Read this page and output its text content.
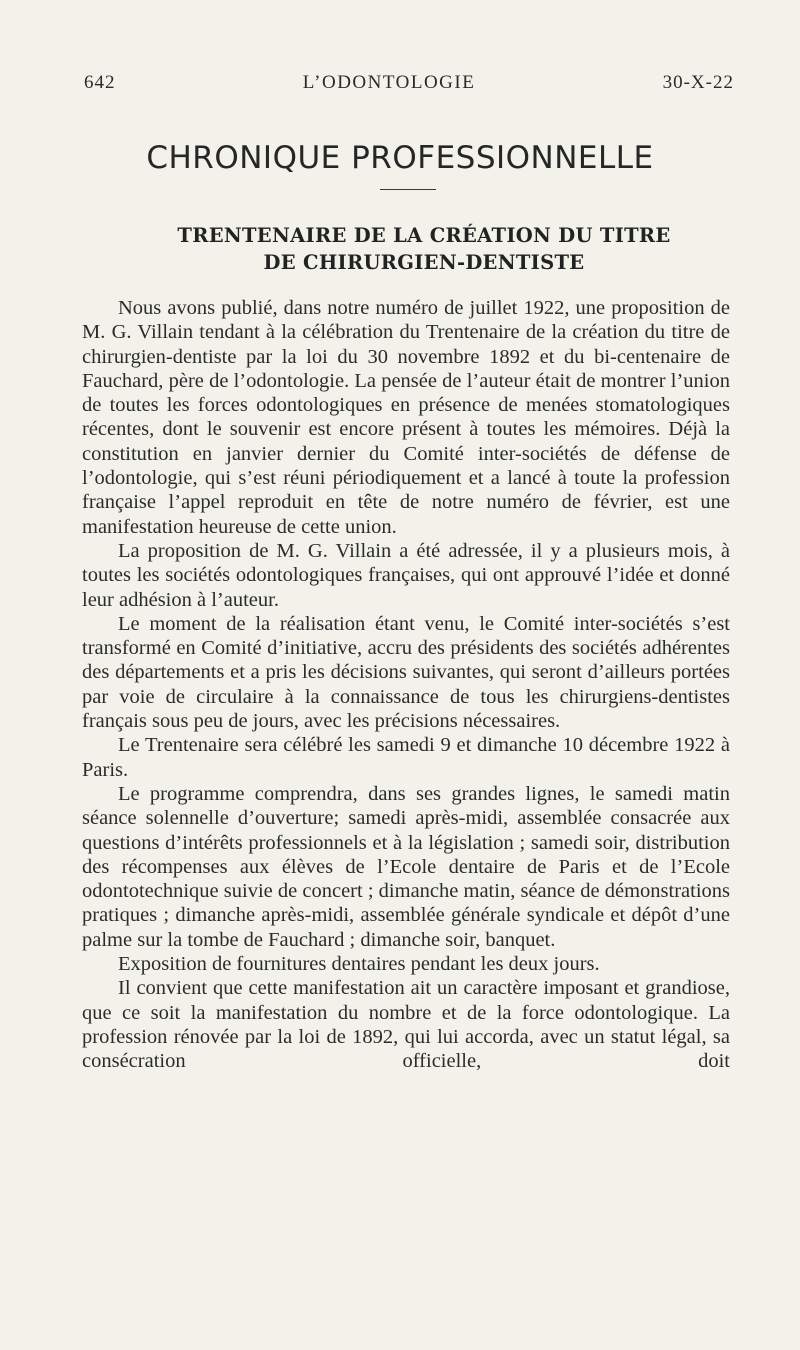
642	L’ODONTOLOGIE	30-X-22
CHRONIQUE PROFESSIONNELLE
TRENTENAIRE DE LA CRÉATION DU TITRE
DE CHIRURGIEN-DENTISTE

Nous avons publié, dans notre numéro de juillet 1922, une proposition de M. G. Villain tendant à la célébration du Trentenaire de la création du titre de chirurgien-dentiste par la loi du 30 novembre 1892 et du bi-centenaire de Fauchard, père de l’odontologie. La pensée de l’auteur était de montrer l’union de toutes les forces odontologiques en présence de menées stomatologiques récentes, dont le souvenir est encore présent à toutes les mémoires. Déjà la constitution en janvier dernier du Comité inter-sociétés de défense de l’odontologie, qui s’est réuni périodiquement et a lancé à toute la profession française l’appel reproduit en tête de notre numéro de février, est une manifestation heureuse de cette union.

La proposition de M. G. Villain a été adressée, il y a plusieurs mois, à toutes les sociétés odontologiques françaises, qui ont approuvé l’idée et donné leur adhésion à l’auteur.

Le moment de la réalisation étant venu, le Comité inter-sociétés s’est transformé en Comité d’initiative, accru des présidents des sociétés adhérentes des départements et a pris les décisions suivantes, qui seront d’ailleurs portées par voie de circulaire à la connaissance de tous les chirurgiens-dentistes français sous peu de jours, avec les précisions nécessaires.

Le Trentenaire sera célébré les samedi 9 et dimanche 10 décembre 1922 à Paris.

Le programme comprendra, dans ses grandes lignes, le samedi matin séance solennelle d’ouverture; samedi après-midi, assemblée consacrée aux questions d’intérêts professionnels et à la législation ; samedi soir, distribution des récompenses aux élèves de l’Ecole dentaire de Paris et de l’Ecole odontotechnique suivie de concert ; dimanche matin, séance de démonstrations pratiques ; dimanche après-midi, assemblée générale syndicale et dépôt d’une palme sur la tombe de Fauchard ; dimanche soir, banquet.

Exposition de fournitures dentaires pendant les deux jours.

Il convient que cette manifestation ait un caractère imposant et grandiose, que ce soit la manifestation du nombre et de la force odontologique. La profession rénovée par la loi de 1892, qui lui accorda, avec un statut légal, sa consécration officielle, doit
